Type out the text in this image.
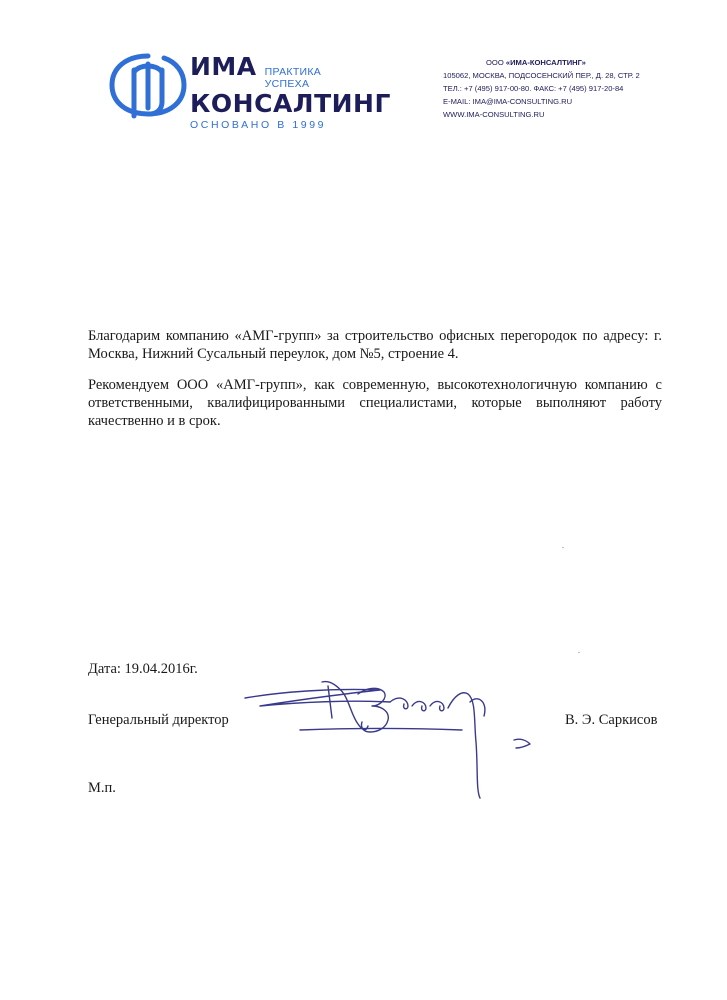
ИМА ПРАКТИКА УСПЕХА
КОНСАЛТИНГ
ОСНОВАНО В 1999
ООО «ИМА-КОНСАЛТИНГ»
105062, МОСКВА, ПОДСОСЕНСКИЙ ПЕР., Д. 28, СТР. 2
ТЕЛ.: +7 (495) 917-00-80. ФАКС: +7 (495) 917-20-84
E-MAIL: IMA@IMA-CONSULTING.RU
WWW.IMA-CONSULTING.RU
Благодарим компанию «АМГ-групп» за строительство офисных перегородок по адресу: г. Москва, Нижний Сусальный переулок, дом №5, строение 4.
Рекомендуем ООО «АМГ-групп», как современную, высокотехнологичную компанию с ответственными, квалифицированными специалистами, которые выполняют работу качественно и в срок.
Дата: 19.04.2016г.
Генеральный директор	В. Э. Саркисов
М.п.
